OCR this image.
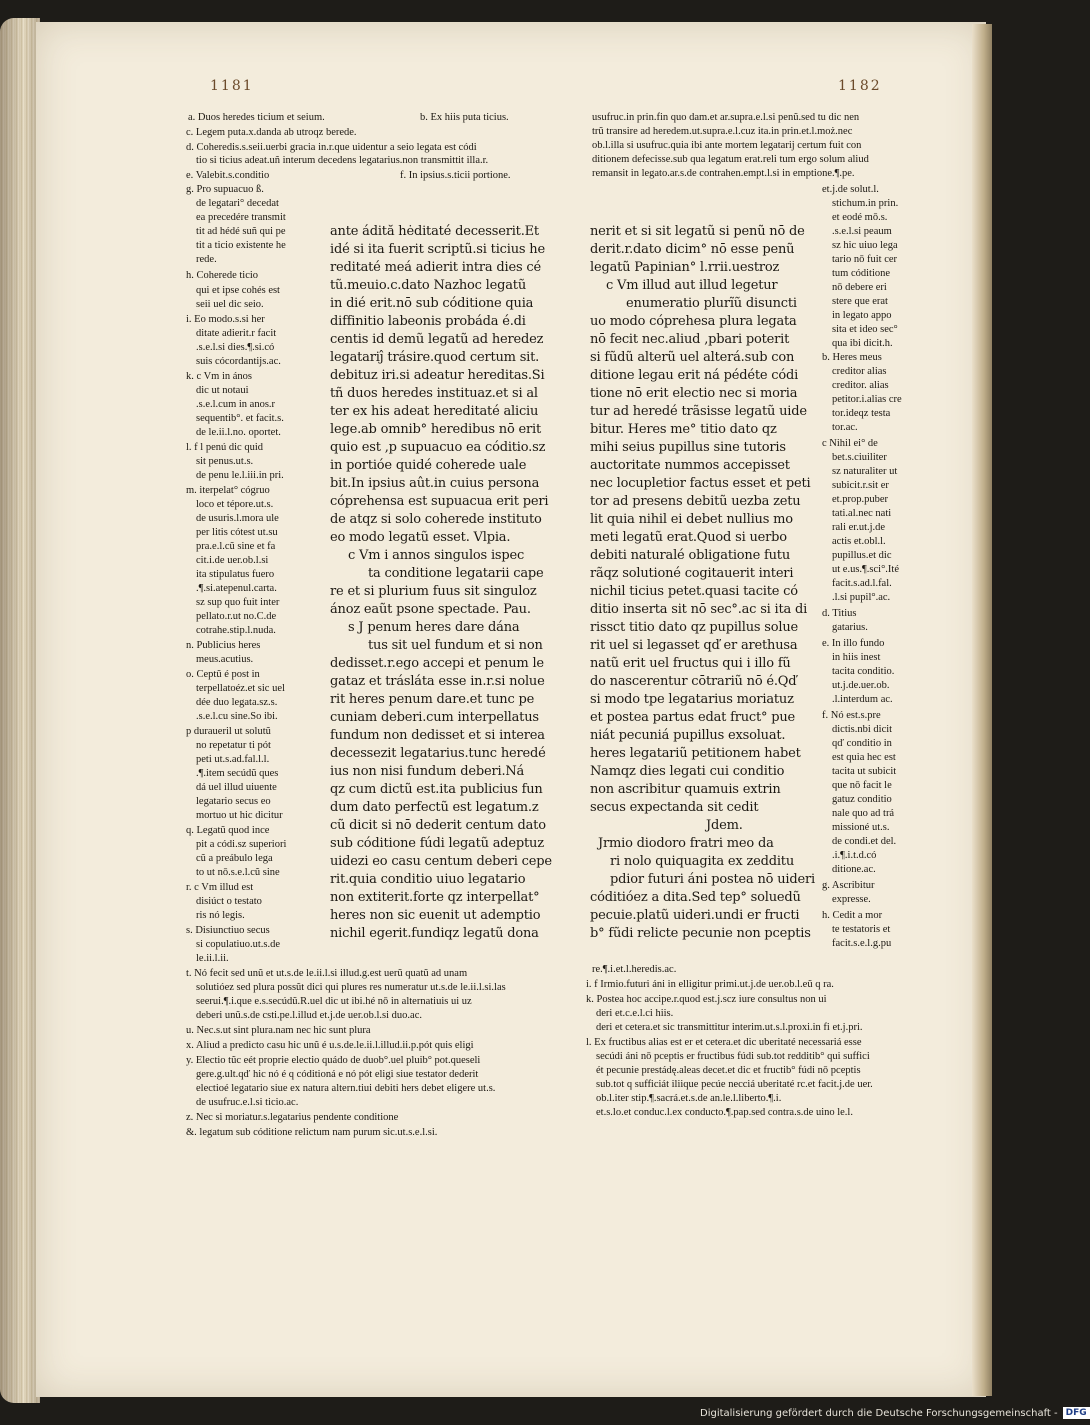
1181	1182
a. Duos heredes ticium et seium.	b. Ex hiis puta ticius.
c. Legem puta.x.danda ab utroqz berede.
d. Coheredis.s.seii.uerbi gracia in.r.que uidentur a seio legata est códi
tio si ticius adeat.uñ interum decedens legatarius.non transmittit illa.r.
e. Valebit.s.conditio	f. In ipsius.s.ticii portione.
g. Pro supuacuo ß.
de legatari° decedat
ea precedére transmit
tit ad hédé suñ qui pe
tit a ticio existente he
rede.
h. Coherede ticio
qui et ipse cohés est
seii uel dic seio.
i. Eo modo.s.si her
ditate adierit.r facit
.s.e.l.si dies.¶.si.có
suis cócordantijs.ac.
k. c Vm in ános
dic ut notaui
.s.e.l.cum in anos.r
sequentib°. et facit.s.
de le.ii.l.no. oportet.
l. f l penú dic quid
sit penus.ut.s.
de penu le.l.iii.in pri.
m. iterpelat° cógruo
loco et tépore.ut.s.
de usuris.l.mora ule
per litis cótest ut.su
pra.e.l.cũ sine et fa
cit.i.de uer.ob.l.si
ita stipulatus fuero
.¶.si.atepenul.carta.
sz sup quo fuit inter
pellato.r.ut no.C.de
cotrahe.stip.l.nuda.
n. Publicius heres
meus.acutius.
o. Ceptũ é post in
terpellatoéz.et sic uel
dée duo legata.sz.s.
.s.e.l.cu sine.So ibi.
p duraueril ut solutũ
no repetatur ti pót
peti ut.s.ad.fal.l.l.
.¶.item secúdũ ques
dá uel illud uiuente
legatario secus eo
mortuo ut hic dicitur
q. Legatũ quod ince
pit a códi.sz superiori
cũ a preábulo lega
to ut nō.s.e.l.cũ sine
r. c Vm illud est
disiúct o testato
ris nó legis.
s. Disiunctiuo secus
si copulatiuo.ut.s.de
le.ii.l.ii.
t. Nó fecit sed unũ et ut.s.de le.ii.l.si illud.g.est uerũ quatũ ad unam
solutióez sed plura possũt dici qui plures res numeratur ut.s.de le.ii.l.si.las
seerui.¶.i.que e.s.secúdũ.R.uel dic ut ibi.hé nō in alternatiuis ui uz
deberi unũ.s.de csti.pe.l.illud et.j.de uer.ob.l.si duo.ac.
u. Nec.s.ut sint plura.nam nec hic sunt plura
x. Aliud a predicto casu hic unũ é u.s.de.le.ii.l.illud.ii.p.pót quis eligi
y. Electio tũc eét proprie electio quádo de duob°.uel pluib° pot.queseli
gere.g.ult.qď hic nó é q códitioná e nó pót eligi siue testator dederit
electioé legatario siue ex natura altern.tiui debiti hers debet eligere ut.s.
de usufruc.e.l.si ticio.ac.
z. Nec si moriatur.s.legatarius pendente conditione
&. legatum sub códitione relictum nam purum sic.ut.s.e.l.si.
ante ádită hėditaté decesserit.Et
idé si ita fuerit scriptũ.si ticius he
reditaté meá adierit intra dies cé
tũ.meuio.c.dato Nazhoc legatũ
in dié erit.nō sub códitione quia
diffinitio labeonis probáda é.di
centis id demũ legatũ ad heredez
legatariĵ trásire.quod certum sit.
debituz iri.si adeatur hereditas.Si
tñ duos heredes instituaz.et si al
ter ex his adeat hereditaté aliciu
lege.ab omnib° heredibus nō erit
quio est ,p supuacuo ea códitio.sz
in portióe quidé coherede uale
bit.In ipsius aût.in cuius persona
cóprehensa est supuacua erit peri
de atqz si solo coherede instituto
eo modo legatũ esset. Vlpia.
c Vm i annos singulos ispec
ta conditione legatarii cape
re et si plurium fuus sit singuloz
ánoz eaũt psone spectade. Pau.
s J penum heres dare dána
tus sit uel fundum et si non
dedisset.r.ego accepi et penum le
gataz et trásláta esse in.r.si nolue
rit heres penum dare.et tunc pe
cuniam deberi.cum interpellatus
fundum non dedisset et si interea
decessezit legatarius.tunc heredé
ius non nisi fundum deberi.Ná
qz cum dictũ est.ita publicius fun
dum dato perfectũ est legatum.z
cũ dicit si nō dederit centum dato
sub códitione fúdi legatũ adeptuz
uidezi eo casu centum deberi cepe
rit.quia conditio uiuo legatario
non extiterit.forte qz interpellat°
heres non sic euenit ut ademptio
nichil egerit.fundiqz legatũ dona
usufruc.in prin.fin quo dam.et ar.supra.e.l.si penũ.sed tu dic nen
trũ transire ad heredem.ut.supra.e.l.cuz ita.in prin.et.l.moż.nec
ob.l.illa si usufruc.quia ibi ante mortem legatarij certum fuit con
ditionem defecisse.sub qua legatum erat.reli tum ergo solum aliud
remansit in legato.ar.s.de contrahen.empt.l.si in emptione.¶.pe.
nerit et si sit legatũ si penũ nō de
derit.r.dato dicim° nō esse penũ
legatũ Papinian° l.rrii.uestroz
c Vm illud aut illud legetur
enumeratio plurĩũ disuncti
uo modo cóprehesa plura legata
nō fecit nec.aliud ,pbari poterit
si fũdũ alterũ uel alterá.sub con
ditione legau erit ná pédéte códi
tione nō erit electio nec si moria
tur ad heredé trãsisse legatũ uide
bitur. Heres me° titio dato qz
mihi seius pupillus sine tutoris
auctoritate nummos accepisset
nec locupletior factus esset et peti
tor ad presens debitũ uezba zetu
lit quia nihil ei debet nullius mo
meti legatũ erat.Quod si uerbo
debiti naturalé obligatione futu
rãqz solutioné cogitauerit interi
nichil ticius petet.quasi tacite có
ditio inserta sit nō sec°.ac si ita di
rissct titio dato qz pupillus solue
rit uel si legasset qď er arethusa
natũ erit uel fructus qui i illo fũ
do nascerentur cōtrariũ nō é.Qď
si modo tpe legatarius moriatuz
et postea partus edat fruct° pue
niát pecuniá pupillus exsoluat.
heres legatariũ petitionem habet
Namqz dies legati cui conditio
non ascribitur quamuis extrin
secus expectanda sit cedit
Jdem.
Jrmio diodoro fratri meo da
ri nolo quiquagita ex zedditu
pdior futuri áni postea nō uideri
códitióez a dita.Sed tep° soluedũ
pecuie.platũ uideri.undi er fructi
b° fũdi relicte pecunie non pceptis
et.j.de solut.l.
stichum.in prin.
et eodé mō.s.
.s.e.l.si peaum
sz hic uiuo lega
tario nō fuit cer
tum códitione
nō debere eri
stere que erat
in legato appo
sita et ideo sec°
qua ibi dicit.h.
b. Heres meus
creditor alias
creditor. alias
petitor.i.alias cre
tor.ideqz testa
tor.ac.
c Nihil ei° de
bet.s.ciuiliter
sz naturaliter ut
subicit.r.sit er
et.prop.puber
tati.al.nec nati
rali er.ut.j.de
actis et.obl.l.
pupillus.et dic
ut e.us.¶.sci°.Ité
facit.s.ad.l.fal.
.l.si pupil°.ac.
d. Titius
gatarius.
e. In illo fundo
in hiis inest
tacita conditio.
ut.j.de.uer.ob.
.l.interdum ac.
f. Nó est.s.pre
dictis.nbi dicit
qď conditio in
est quia hec est
tacita ut subicit
que nō facit le
gatuz conditio
nale quo ad trá
missioné ut.s.
de condi.et del.
.i.¶.i.t.d.có
ditione.ac.
g. Ascribitur
expresse.
h. Cedit a mor
te testatoris et
facit.s.e.l.g.pu
re.¶.i.et.l.heredis.ac.
i. f Irmio.futuri áni in elligitur primi.ut.j.de uer.ob.l.eũ q ra.
k. Postea hoc accipe.r.quod est.j.scz iure consultus non ui
deri et.c.e.l.ci hiis.
deri et cetera.et sic transmittitur interim.ut.s.l.proxi.in fi et.j.pri.
l. Ex fructibus alias est er et cetera.et dic uberitaté necessariá esse
secúdi áni nō pceptis er fructibus fúdi sub.tot redditib° qui suffici
ét pecunie prestádę.aleas decet.et dic et fructib° fúdi nō pceptis
sub.tot q sufficiát iliique pecúe necciá uberitaté rc.et facit.j.de uer.
ob.l.iter stip.¶.sacrá.et.s.de an.le.l.liberto.¶.i.
et.s.lo.et conduc.l.ex conducto.¶.pap.sed contra.s.de uino le.l.
Digitalisierung gefördert durch die Deutsche Forschungsgemeinschaft - DFG
